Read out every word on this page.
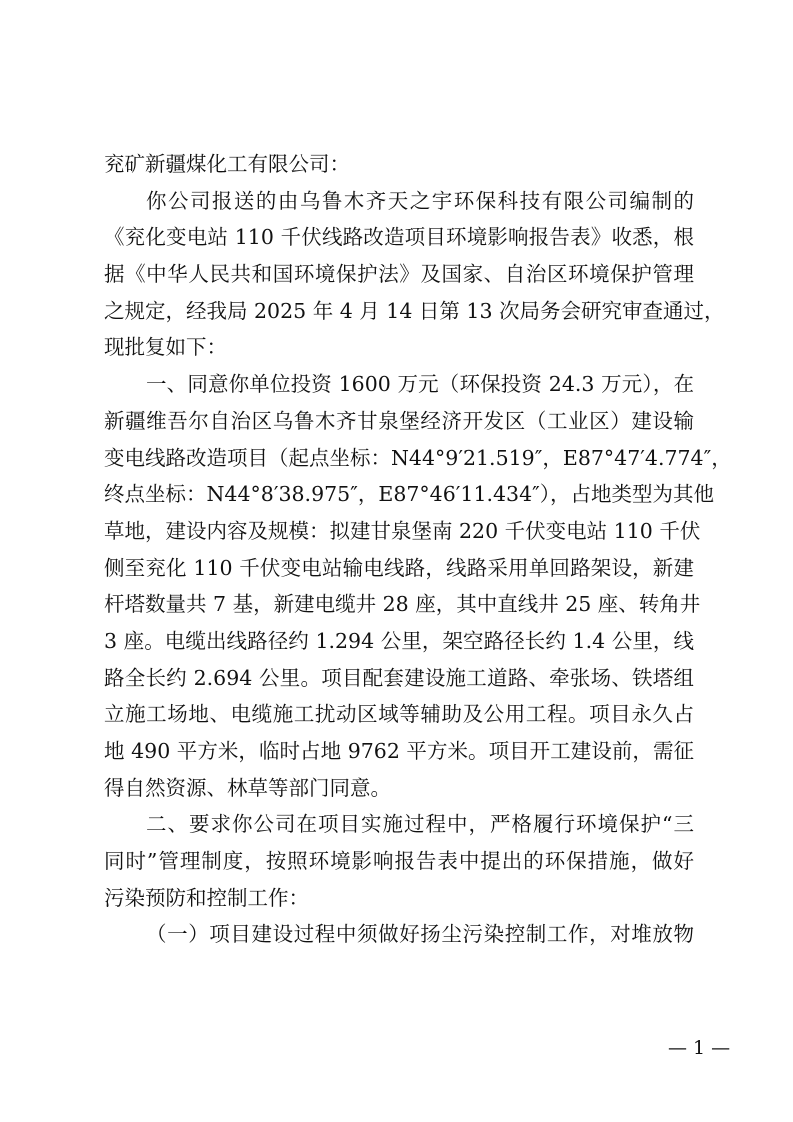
兖矿新疆煤化工有限公司：
你公司报送的由乌鲁木齐天之宇环保科技有限公司编制的
《兖化变电站 110 千伏线路改造项目环境影响报告表》收悉，根
据《中华人民共和国环境保护法》及国家、自治区环境保护管理
之规定，经我局 2025 年 4 月 14 日第 13 次局务会研究审查通过，
现批复如下：
一、同意你单位投资 1600 万元（环保投资 24.3 万元），在
新疆维吾尔自治区乌鲁木齐甘泉堡经济开发区（工业区）建设输
变电线路改造项目（起点坐标：N44°9′21.519″，E87°47′4.774″，
终点坐标：N44°8′38.975″，E87°46′11.434″），占地类型为其他
草地，建设内容及规模：拟建甘泉堡南 220 千伏变电站 110 千伏
侧至兖化 110 千伏变电站输电线路，线路采用单回路架设，新建
杆塔数量共 7 基，新建电缆井 28 座，其中直线井 25 座、转角井
3 座。电缆出线路径约 1.294 公里，架空路径长约 1.4 公里，线
路全长约 2.694 公里。项目配套建设施工道路、牵张场、铁塔组
立施工场地、电缆施工扰动区域等辅助及公用工程。项目永久占
地 490 平方米，临时占地 9762 平方米。项目开工建设前，需征
得自然资源、林草等部门同意。
二、要求你公司在项目实施过程中，严格履行环境保护“三
同时”管理制度，按照环境影响报告表中提出的环保措施，做好
污染预防和控制工作：
（一）项目建设过程中须做好扬尘污染控制工作，对堆放物
— 1 —
